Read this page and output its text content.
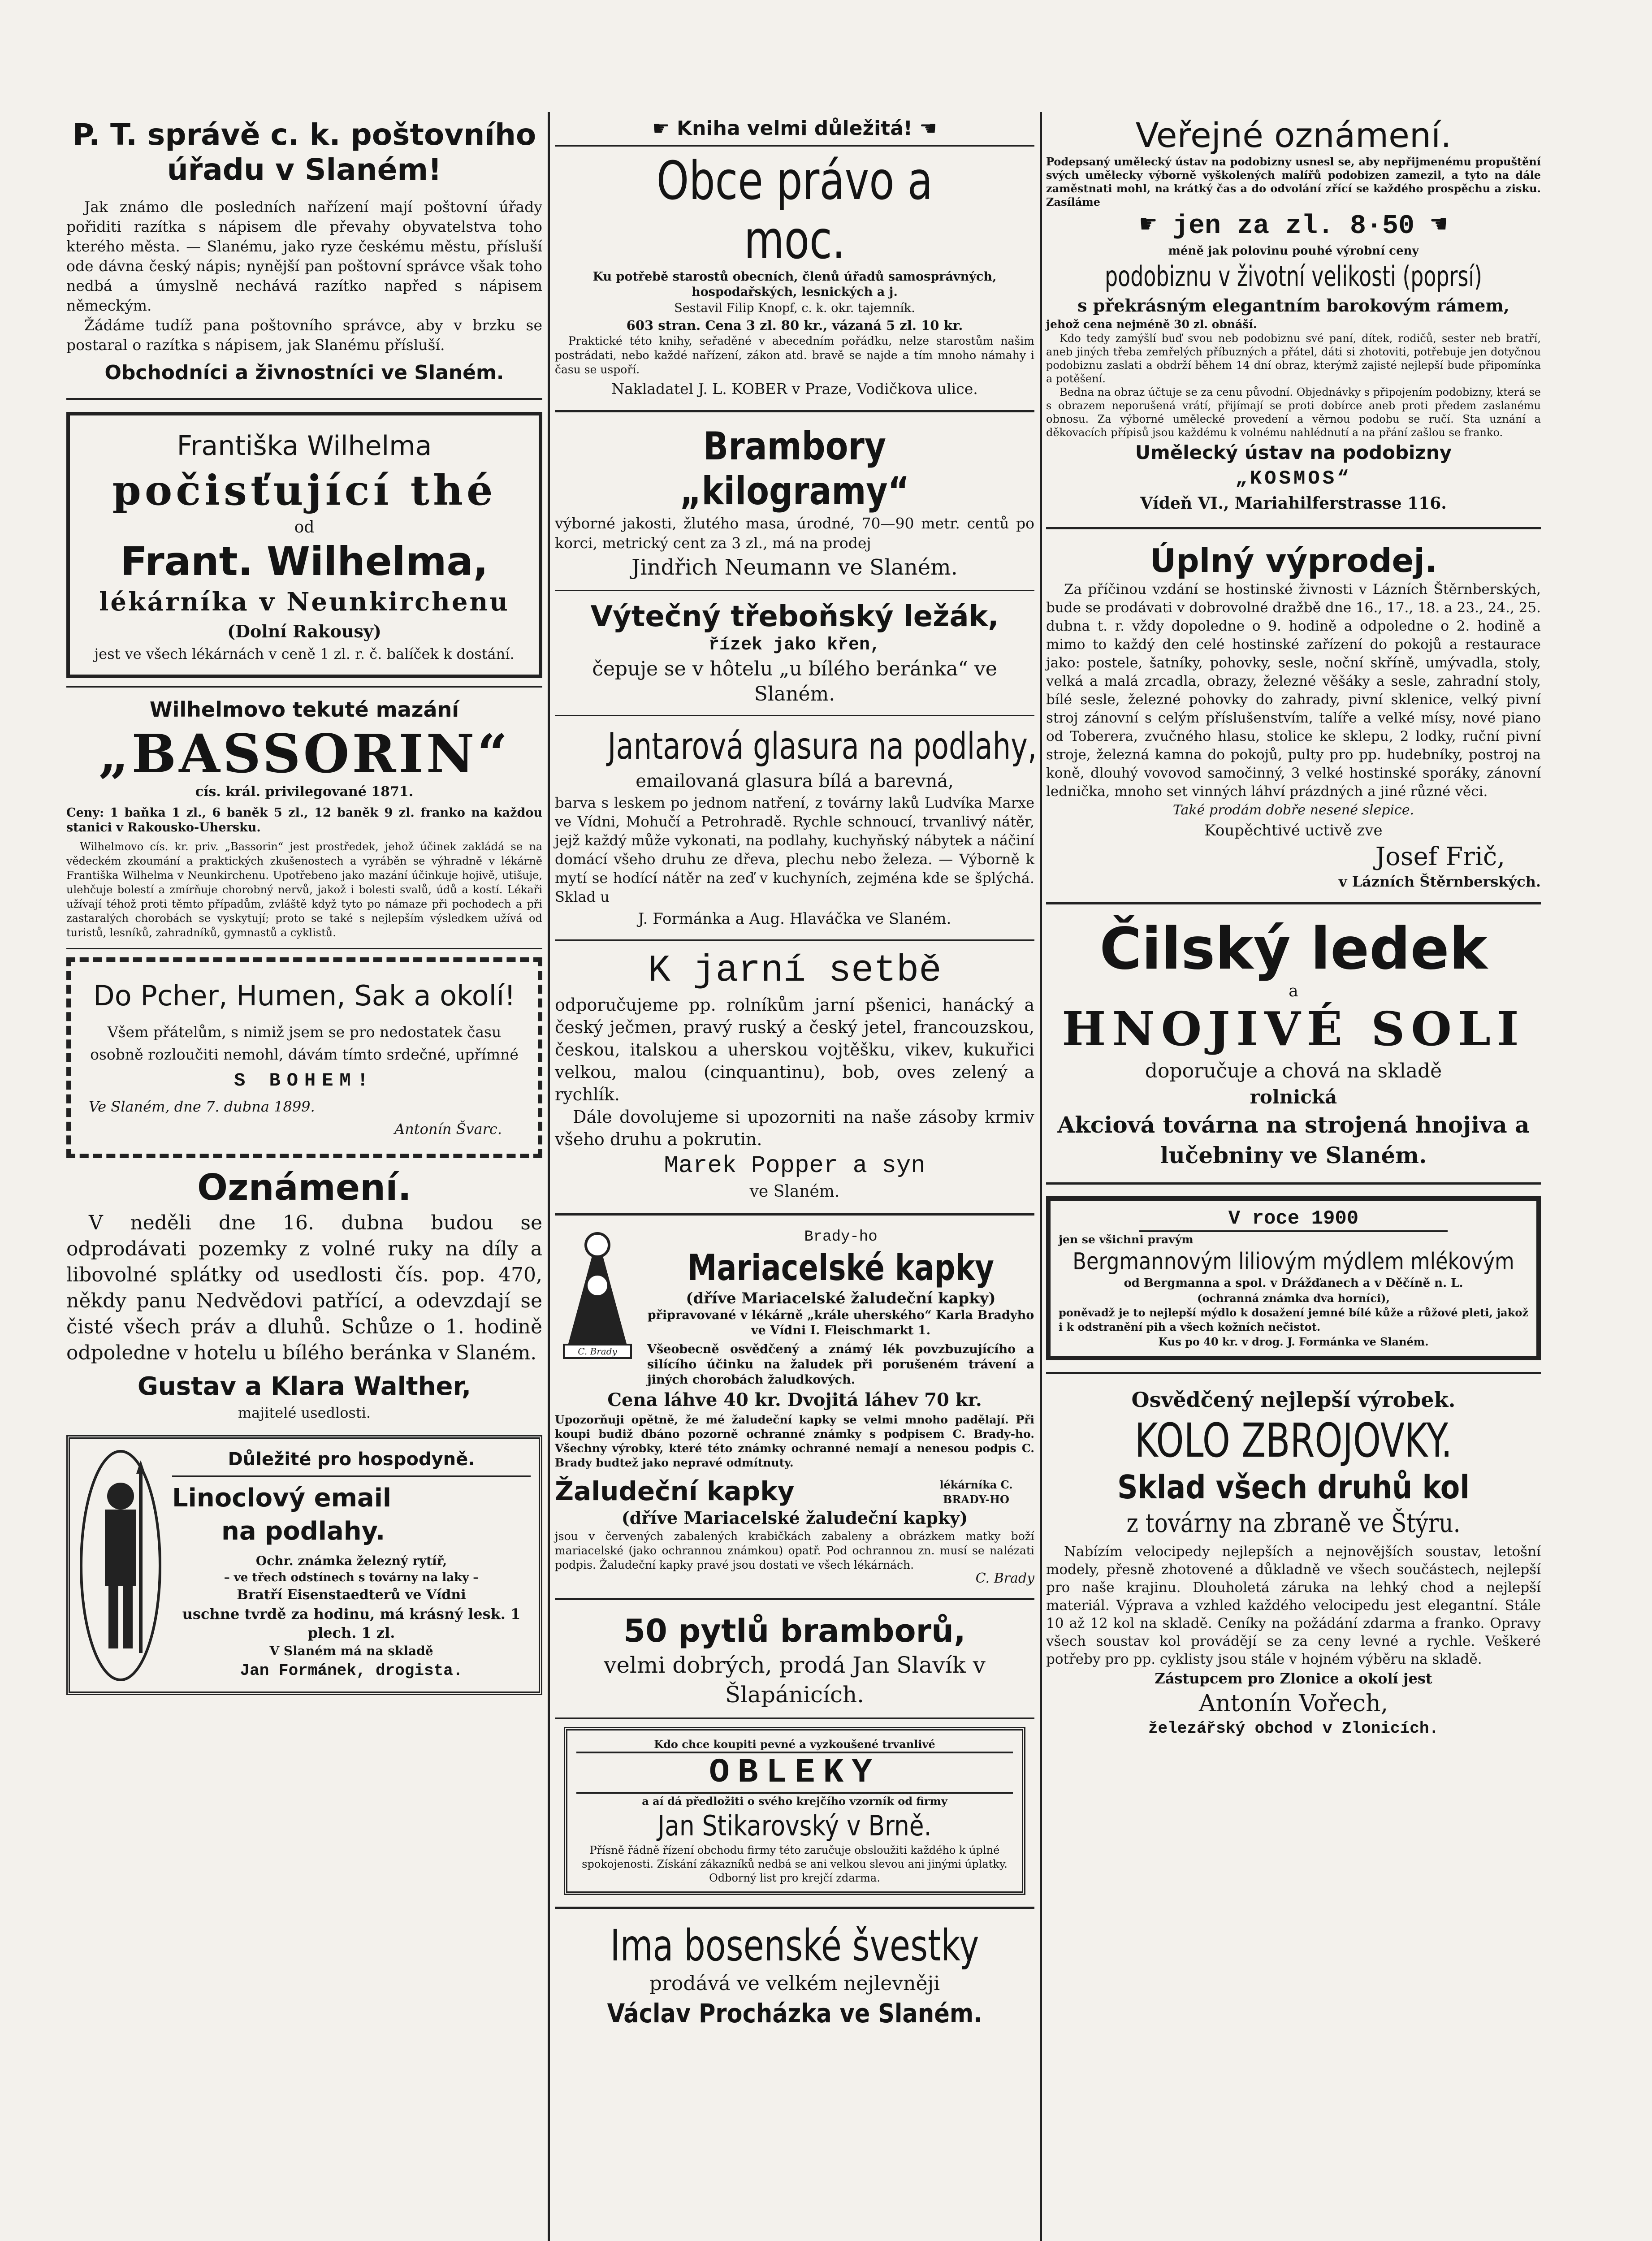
P. T. správě c. k. poštovního úřadu v Slaném!
Jak známo dle posledních nařízení mají poštovní úřady pořiditi razítka s nápisem dle převahy obyvatelstva toho kterého města. — Slanému, jako ryze českému městu, přísluší ode dávna český nápis; nynější pan poštovní správce však toho nedbá a úmyslně nechává razítko napřed s nápisem německým.
Žádáme tudíž pana poštovního správce, aby v brzku se postaral o razítka s nápisem, jak Slanému přísluší.
Obchodníci a živnostníci ve Slaném.
Františka Wilhelma
počisťující thé
od
Frant. Wilhelma,
lékárníka v Neunkirchenu
(Dolní Rakousy)
jest ve všech lékárnách v ceně 1 zl. r. č. balíček k dostání.
Wilhelmovo tekuté mazání
„BASSORIN“
cís. král. privilegované 1871.
Ceny: 1 baňka 1 zl., 6 baněk 5 zl., 12 baněk 9 zl. franko na každou stanici v Rakousko-Uhersku.
Wilhelmovo cís. kr. priv. „Bassorin“ jest prostředek, jehož účinek zakládá se na vědeckém zkoumání a praktických zkušenostech a vyráběn se výhradně v lékárně Františka Wilhelma v Neunkirchenu. Upotřebeno jako mazání účinkuje hojivě, utišuje, ulehčuje bolestí a zmírňuje chorobný nervů, jakož i bolesti svalů, údů a kostí. Lékaři užívají téhož proti těmto případům, zvláště když tyto po námaze při pochodech a při zastaralých chorobách se vyskytují; proto se také s nejlepším výsledkem užívá od turistů, lesníků, zahradníků, gymnastů a cyklistů.
Do Pcher, Humen, Sak a okolí!
Všem přátelům, s nimiž jsem se pro nedostatek času osobně rozloučiti nemohl, dávám tímto srdečné, upřímné
S BOHEM!
Ve Slaném, dne 7. dubna 1899.
Antonín Švarc.
Oznámení.
V neděli dne 16. dubna budou se odprodávati pozemky z volné ruky na díly a libovolné splátky od usedlosti čís. pop. 470, někdy panu Nedvědovi patřící, a odevzdají se čisté všech práv a dluhů. Schůze o 1. hodině odpoledne v hotelu u bílého beránka v Slaném.
Gustav a Klara Walther,
majitelé usedlosti.
Důležité pro hospodyně.
Linoclový email
na podlahy.
Ochr. známka železný rytíř,
– ve třech odstínech s továrny na laky –
Bratří Eisenstaedterů ve Vídni
uschne tvrdě za hodinu, má krásný lesk. 1 plech. 1 zl.
V Slaném má na skladě
Jan Formánek, drogista.
☛ Kniha velmi důležitá! ☚
Obce právo a moc.
Ku potřebě starostů obecních, členů úřadů samosprávných, hospodařských, lesnických a j.
Sestavil Filip Knopf, c. k. okr. tajemník.
603 stran. Cena 3 zl. 80 kr., vázaná 5 zl. 10 kr.
Praktické této knihy, seřaděné v abecedním pořádku, nelze starostům našim postrádati, nebo každé nařízení, zákon atd. bravě se najde a tím mnoho námahy i času se uspoří.
Nakladatel J. L. KOBER v Praze, Vodičkova ulice.
Brambory „kilogramy“
výborné jakosti, žlutého masa, úrodné, 70—90 metr. centů po korci, metrický cent za 3 zl., má na prodej
Jindřich Neumann ve Slaném.
Výtečný třeboňský ležák,
řízek jako křen,
čepuje se v hôtelu „u bílého beránka“ ve Slaném.
Jantarová glasura na podlahy,
emailovaná glasura bílá a barevná,
barva s leskem po jednom natření, z továrny laků Ludvíka Marxe ve Vídni, Mohučí a Petrohradě. Rychle schnoucí, trvanlivý nátěr, jejž každý může vykonati, na podlahy, kuchyňský nábytek a náčiní domácí všeho druhu ze dřeva, plechu nebo železa. — Výborně k mytí se hodící nátěr na zeď v kuchyních, zejména kde se šplýchá. Sklad u
J. Formánka a Aug. Hlaváčka ve Slaném.
K jarní setbě
odporučujeme pp. rolníkům jarní pšenici, hanácký a český ječmen, pravý ruský a český jetel, francouzskou, českou, italskou a uherskou vojtěšku, vikev, kukuřici velkou, malou (cinquantinu), bob, oves zelený a rychlík.
Dále dovolujeme si upozorniti na naše zásoby krmiv všeho druhu a pokrutin.
Marek Popper a syn
ve Slaném.
C. Brady
Brady-ho
Mariacelské kapky
(dříve Mariacelské žaludeční kapky)
připravované v lékárně „krále uherského“ Karla Bradyho ve Vídni I. Fleischmarkt 1.
Všeobecně osvědčený a známý lék povzbuzujícího a silícího účinku na žaludek při porušeném trávení a jiných chorobách žaludkových.
Cena láhve 40 kr. Dvojitá láhev 70 kr.
Upozorňuji opětně, že mé žaludeční kapky se velmi mnoho padělají. Při koupi budiž dbáno pozorně ochranné známky s podpisem C. Brady-ho. Všechny výrobky, které této známky ochranné nemají a nenesou podpis C. Brady budtež jako nepravé odmítnuty.
Žaludeční kapky	lékárníka C. BRADY-HO
(dříve Mariacelské žaludeční kapky)
jsou v červených zabalených krabičkách zabaleny a obrázkem matky boží mariacelské (jako ochrannou známkou) opatř. Pod ochrannou zn. musí se nalézati podpis. Žaludeční kapky pravé jsou dostati ve všech lékárnách.
C. Brady
50 pytlů bramborů,
velmi dobrých, prodá Jan Slavík v Šlapánicích.
Kdo chce koupiti pevné a vyzkoušené trvanlivé
OBLEKY
a aí dá předložiti o svého krejčího vzorník od firmy
Jan Stikarovský v Brně.
Přísně řádně řízení obchodu firmy této zaručuje obsloužiti každého k úplné spokojenosti. Získání zákazníků nedbá se ani velkou slevou ani jinými úplatky. Odborný list pro krejčí zdarma.
Ima bosenské švestky
prodává ve velkém nejlevněji
Václav Procházka ve Slaném.
Veřejné oznámení.
Podepsaný umělecký ústav na podobizny usnesl se, aby nepřijmenému propuštění svých umělecky výborně vyškolených malířů podobizen zamezil, a tyto na dále zaměstnati mohl, na krátký čas a do odvolání zřící se každého prospěchu a zisku. Zasíláme
☛ jen za zl. 8·50 ☚
méně jak polovinu pouhé výrobní ceny
podobiznu v životní velikosti (poprsí)
s překrásným elegantním barokovým rámem,
jehož cena nejméně 30 zl. obnáší.
Kdo tedy zamýšlí buď svou neb podobiznu své paní, dítek, rodičů, sester neb bratří, aneb jiných třeba zemřelých příbuzných a přátel, dáti si zhotoviti, potřebuje jen dotyčnou podobiznu zaslati a obdrží během 14 dní obraz, kterýmž zajisté nejlepší bude připomínka a potěšení.
Bedna na obraz účtuje se za cenu původní. Objednávky s připojením podobizny, která se s obrazem neporušená vrátí, přijímají se proti dobírce aneb proti předem zaslanému obnosu. Za výborné umělecké provedení a věrnou podobu se ručí. Sta uznání a děkovacích přípisů jsou každému k volnému nahlédnutí a na přání zašlou se franko.
Umělecký ústav na podobizny
„KOSMOS“
Vídeň VI., Mariahilferstrasse 116.
Úplný výprodej.
Za příčinou vzdání se hostinské živnosti v Lázních Štěrnberských, bude se prodávati v dobrovolné dražbě dne 16., 17., 18. a 23., 24., 25. dubna t. r. vždy dopoledne o 9. hodině a odpoledne o 2. hodině a mimo to každý den celé hostinské zařízení do pokojů a restaurace jako: postele, šatníky, pohovky, sesle, noční skříně, umývadla, stoly, velká a malá zrcadla, obrazy, železné věšáky a sesle, zahradní stoly, bílé sesle, železné pohovky do zahrady, pivní sklenice, velký pivní stroj zánovní s celým příslušenstvím, talíře a velké mísy, nové piano od Toberera, zvučného hlasu, stolice ke sklepu, 2 lodky, ruční pivní stroje, železná kamna do pokojů, pulty pro pp. hudebníky, postroj na koně, dlouhý vovovod samočinný, 3 velké hostinské sporáky, zánovní lednička, mnoho set vinných láhví prázdných a jiné různé věci.
Také prodám dobře nesené slepice.
Koupěchtivé uctivě zve
Josef Frič,
v Lázních Štěrnberských.
Čilský ledek
a
HNOJIVÉ SOLI
doporučuje a chová na skladě
rolnická
Akciová továrna na strojená hnojiva a lučebniny ve Slaném.
V roce 1900
jen se všichni pravým
Bergmannovým liliovým mýdlem mlékovým
od Bergmanna a spol. v Drážďanech a v Děčíně n. L.
(ochranná známka dva horníci),
poněvadž je to nejlepší mýdlo k dosažení jemné bílé kůže a růžové pleti, jakož i k odstranění pih a všech kožních nečistot.
Kus po 40 kr. v drog. J. Formánka ve Slaném.
Osvědčený nejlepší výrobek.
KOLO ZBROJOVKY.
Sklad všech druhů kol
z továrny na zbraně ve Štýru.
Nabízím velocipedy nejlepších a nejnovějších soustav, letošní modely, přesně zhotovené a důkladně ve všech součástech, nejlepší pro naše krajinu. Dlouholetá záruka na lehký chod a nejlepší materiál. Výprava a vzhled každého velocipedu jest elegantní. Stále 10 až 12 kol na skladě. Ceníky na požádání zdarma a franko. Opravy všech soustav kol provádějí se za ceny levné a rychle. Veškeré potřeby pro pp. cyklisty jsou stále v hojném výběru na skladě.
Zástupcem pro Zlonice a okolí jest
Antonín Vořech,
železářský obchod v Zlonicích.
